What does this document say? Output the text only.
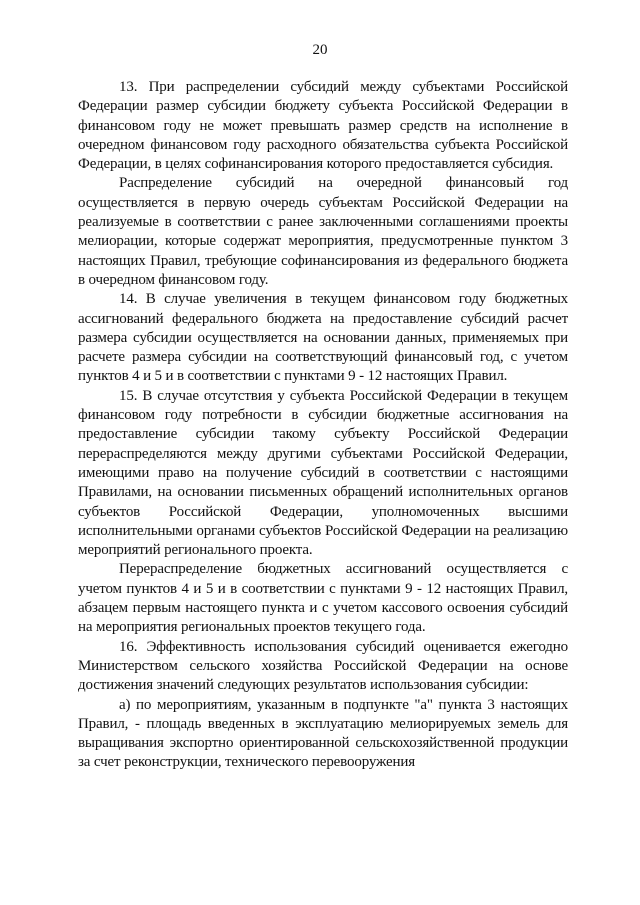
20

13. При распределении субсидий между субъектами Российской Федерации размер субсидии бюджету субъекта Российской Федерации в финансовом году не может превышать размер средств на исполнение в очередном финансовом году расходного обязательства субъекта Российской Федерации, в целях софинансирования которого предоставляется субсидия.

Распределение субсидий на очередной финансовый год осуществляется в первую очередь субъектам Российской Федерации на реализуемые в соответствии с ранее заключенными соглашениями проекты мелиорации, которые содержат мероприятия, предусмотренные пунктом 3 настоящих Правил, требующие софинансирования из федерального бюджета в очередном финансовом году.

14. В случае увеличения в текущем финансовом году бюджетных ассигнований федерального бюджета на предоставление субсидий расчет размера субсидии осуществляется на основании данных, применяемых при расчете размера субсидии на соответствующий финансовый год, с учетом пунктов 4 и 5 и в соответствии с пунктами 9 - 12 настоящих Правил.

15. В случае отсутствия у субъекта Российской Федерации в текущем финансовом году потребности в субсидии бюджетные ассигнования на предоставление субсидии такому субъекту Российской Федерации перераспределяются между другими субъектами Российской Федерации, имеющими право на получение субсидий в соответствии с настоящими Правилами, на основании письменных обращений исполнительных органов субъектов Российской Федерации, уполномоченных высшими исполнительными органами субъектов Российской Федерации на реализацию мероприятий регионального проекта.

Перераспределение бюджетных ассигнований осуществляется с учетом пунктов 4 и 5 и в соответствии с пунктами 9 - 12 настоящих Правил, абзацем первым настоящего пункта и с учетом кассового освоения субсидий на мероприятия региональных проектов текущего года.

16. Эффективность использования субсидий оценивается ежегодно Министерством сельского хозяйства Российской Федерации на основе достижения значений следующих результатов использования субсидии:

а) по мероприятиям, указанным в подпункте "а" пункта 3 настоящих Правил, - площадь введенных в эксплуатацию мелиорируемых земель для выращивания экспортно ориентированной сельскохозяйственной продукции за счет реконструкции, технического перевооружения
